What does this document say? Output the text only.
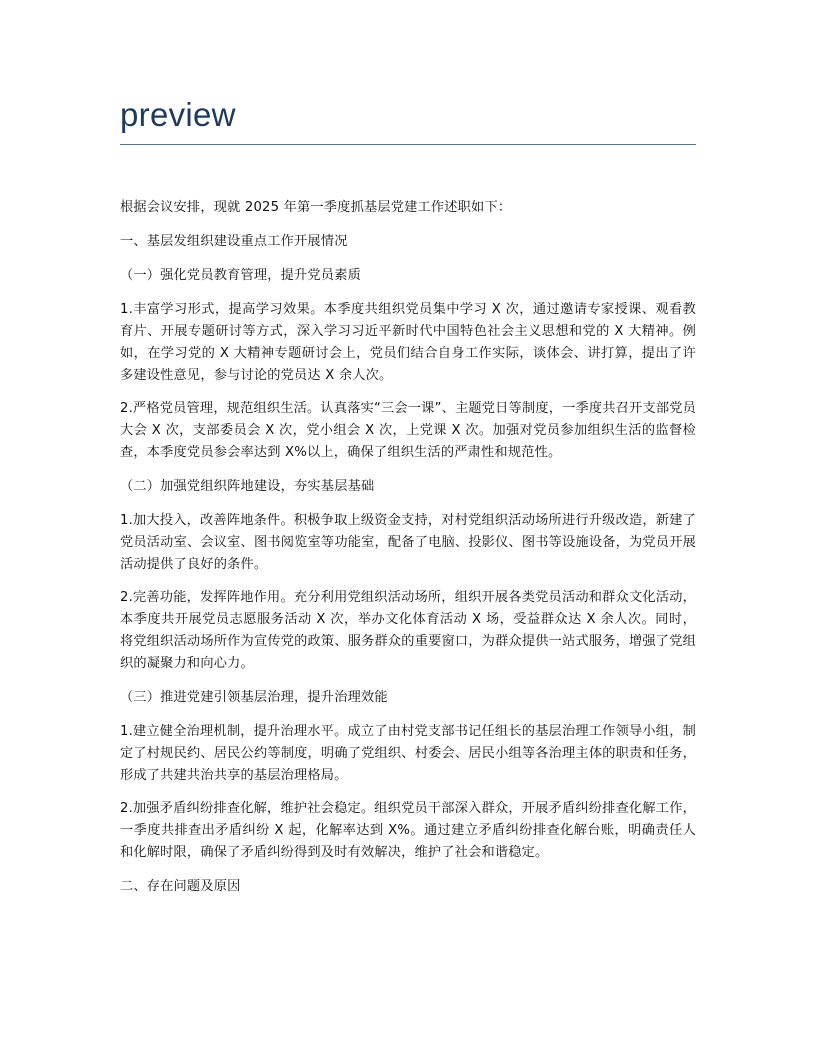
preview

根据会议安排，现就 2025 年第一季度抓基层党建工作述职如下：

一、基层发组织建设重点工作开展情况

（一）强化党员教育管理，提升党员素质

1.丰富学习形式，提高学习效果。本季度共组织党员集中学习 X 次，通过邀请专家授课、观看教育片、开展专题研讨等方式，深入学习习近平新时代中国特色社会主义思想和党的 X 大精神。例如，在学习党的 X 大精神专题研讨会上，党员们结合自身工作实际，谈体会、讲打算，提出了许多建设性意见，参与讨论的党员达 X 余人次。

2.严格党员管理，规范组织生活。认真落实“三会一课”、主题党日等制度，一季度共召开支部党员大会 X 次，支部委员会 X 次，党小组会 X 次，上党课 X 次。加强对党员参加组织生活的监督检查，本季度党员参会率达到 X%以上，确保了组织生活的严肃性和规范性。

（二）加强党组织阵地建设，夯实基层基础

1.加大投入，改善阵地条件。积极争取上级资金支持，对村党组织活动场所进行升级改造，新建了党员活动室、会议室、图书阅览室等功能室，配备了电脑、投影仪、图书等设施设备，为党员开展活动提供了良好的条件。

2.完善功能，发挥阵地作用。充分利用党组织活动场所，组织开展各类党员活动和群众文化活动，本季度共开展党员志愿服务活动 X 次，举办文化体育活动 X 场，受益群众达 X 余人次。同时，将党组织活动场所作为宣传党的政策、服务群众的重要窗口，为群众提供一站式服务，增强了党组织的凝聚力和向心力。

（三）推进党建引领基层治理，提升治理效能

1.建立健全治理机制，提升治理水平。成立了由村党支部书记任组长的基层治理工作领导小组，制定了村规民约、居民公约等制度，明确了党组织、村委会、居民小组等各治理主体的职责和任务，形成了共建共治共享的基层治理格局。

2.加强矛盾纠纷排查化解，维护社会稳定。组织党员干部深入群众，开展矛盾纠纷排查化解工作，一季度共排查出矛盾纠纷 X 起，化解率达到 X%。通过建立矛盾纠纷排查化解台账，明确责任人和化解时限，确保了矛盾纠纷得到及时有效解决，维护了社会和谐稳定。

二、存在问题及原因
